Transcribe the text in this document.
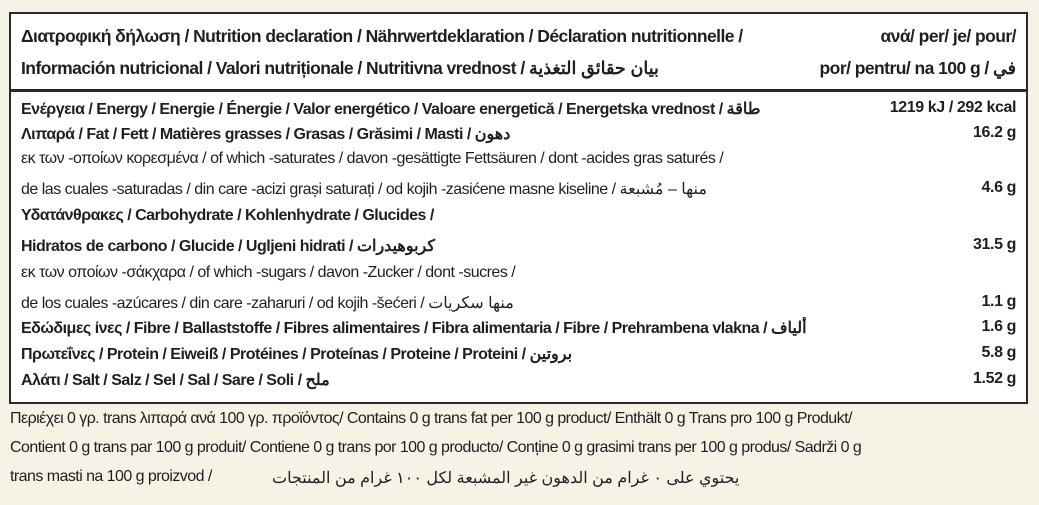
Διατροφική δήλωση / Nutrition declaration / Nährwertdeklaration / Déclaration nutritionnelle /
Información nutricional / Valori nutriționale / Nutritivna vrednost / بيان حقائق التغذية
ανά/ per/ je/ pour/
por/ pentru/ na 100 g / في
Ενέργεια / Energy / Energie / Énergie / Valor energético / Valoare energetică / Energetska vrednost / طاقة	1219 kJ / 292 kcal
Λιπαρά / Fat / Fett / Matières grasses / Grasas / Grăsimi / Masti / دهون	16.2 g
εκ των -οποίων κορεσμένα / of which -saturates / davon -gesättigte Fettsäuren / dont -acides gras saturés /
de las cuales -saturadas / din care -acizi grași saturați / od kojih -zasićene masne kiseline / منها – مُشبعة	4.6 g
Υδατάνθρακες / Carbohydrate / Kohlenhydrate / Glucides /
Hidratos de carbono / Glucide / Ugljeni hidrati / كربوهيدرات	31.5 g
εκ των οποίων -σάκχαρα / of which -sugars / davon -Zucker / dont -sucres /
de los cuales -azúcares / din care -zaharuri / od kojih -šećeri / منها سكريات	1.1 g
Εδώδιμες ίνες / Fibre / Ballaststoffe / Fibres alimentaires / Fibra alimentaria / Fibre / Prehrambena vlakna / ألياف	1.6 g
Πρωτεΐνες / Protein / Eiweiß / Protéines / Proteínas / Proteine / Proteini / بروتين	5.8 g
Αλάτι / Salt / Salz / Sel / Sal / Sare / Soli / ملح	1.52 g
Περιέχει 0 γρ. trans λιπαρά ανά 100 γρ. προϊόντος/ Contains 0 g trans fat per 100 g product/ Enthält 0 g Trans pro 100 g Produkt/
Contient 0 g trans par 100 g produit/ Contiene 0 g trans por 100 g producto/ Conține 0 g grasimi trans per 100 g produs/ Sadrži 0 g
trans masti na 100 g proizvod /	يحتوي على ٠ غرام من الدهون غير المشبعة لكل ١٠٠ غرام من المنتجات
